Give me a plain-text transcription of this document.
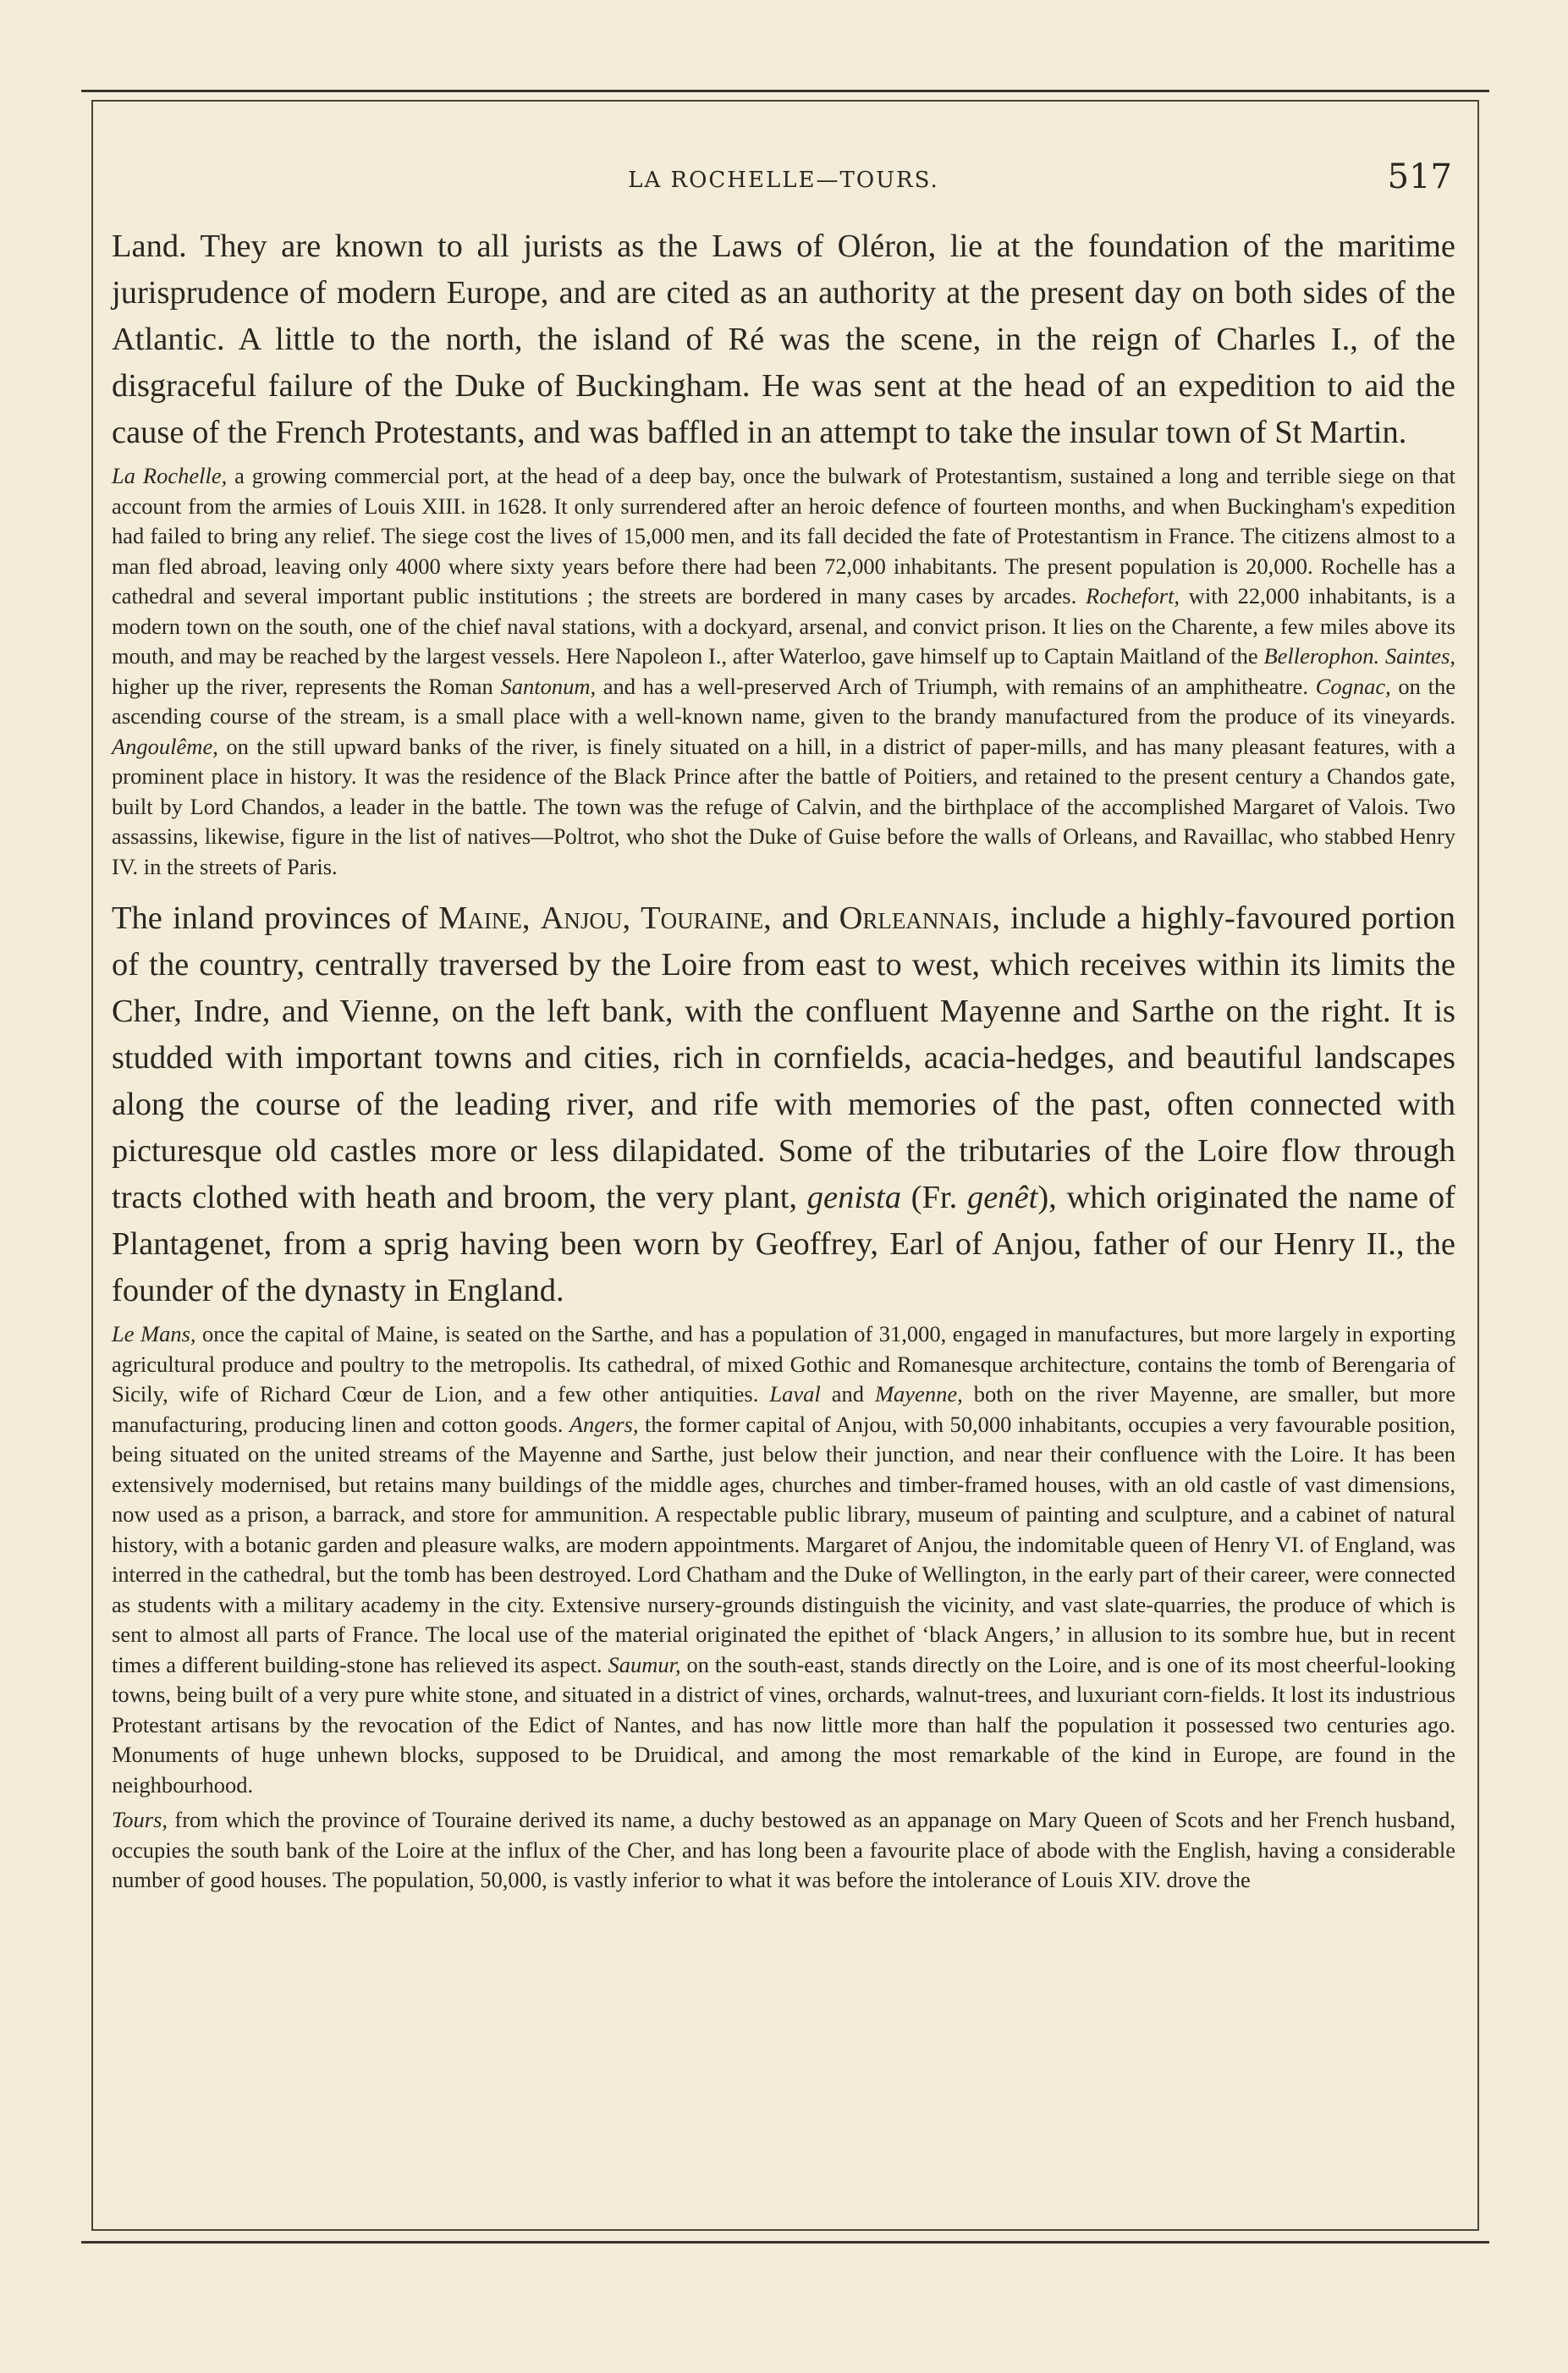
LA ROCHELLE—TOURS.	517

Land. They are known to all jurists as the Laws of Oléron, lie at the foundation of the maritime jurisprudence of modern Europe, and are cited as an authority at the present day on both sides of the Atlantic. A little to the north, the island of Ré was the scene, in the reign of Charles I., of the disgraceful failure of the Duke of Buckingham. He was sent at the head of an expedition to aid the cause of the French Protestants, and was baffled in an attempt to take the insular town of St Martin.

La Rochelle, a growing commercial port, at the head of a deep bay, once the bulwark of Protestantism, sustained a long and terrible siege on that account from the armies of Louis XIII. in 1628. It only surrendered after an heroic defence of fourteen months, and when Buckingham's expedition had failed to bring any relief. The siege cost the lives of 15,000 men, and its fall decided the fate of Protestantism in France. The citizens almost to a man fled abroad, leaving only 4000 where sixty years before there had been 72,000 inhabitants. The present population is 20,000. Rochelle has a cathedral and several important public institutions ; the streets are bordered in many cases by arcades. Rochefort, with 22,000 inhabitants, is a modern town on the south, one of the chief naval stations, with a dockyard, arsenal, and convict prison. It lies on the Charente, a few miles above its mouth, and may be reached by the largest vessels. Here Napoleon I., after Waterloo, gave himself up to Captain Maitland of the Bellerophon. Saintes, higher up the river, represents the Roman Santonum, and has a well-preserved Arch of Triumph, with remains of an amphitheatre. Cognac, on the ascending course of the stream, is a small place with a well-known name, given to the brandy manufactured from the produce of its vineyards. Angoulême, on the still upward banks of the river, is finely situated on a hill, in a district of paper-mills, and has many pleasant features, with a prominent place in history. It was the residence of the Black Prince after the battle of Poitiers, and retained to the present century a Chandos gate, built by Lord Chandos, a leader in the battle. The town was the refuge of Calvin, and the birthplace of the accomplished Margaret of Valois. Two assassins, likewise, figure in the list of natives—Poltrot, who shot the Duke of Guise before the walls of Orleans, and Ravaillac, who stabbed Henry IV. in the streets of Paris.

The inland provinces of Maine, Anjou, Touraine, and Orleannais, include a highly-favoured portion of the country, centrally traversed by the Loire from east to west, which receives within its limits the Cher, Indre, and Vienne, on the left bank, with the confluent Mayenne and Sarthe on the right. It is studded with important towns and cities, rich in cornfields, acacia-hedges, and beautiful landscapes along the course of the leading river, and rife with memories of the past, often connected with picturesque old castles more or less dilapidated. Some of the tributaries of the Loire flow through tracts clothed with heath and broom, the very plant, genista (Fr. genêt), which originated the name of Plantagenet, from a sprig having been worn by Geoffrey, Earl of Anjou, father of our Henry II., the founder of the dynasty in England.

Le Mans, once the capital of Maine, is seated on the Sarthe, and has a population of 31,000, engaged in manufactures, but more largely in exporting agricultural produce and poultry to the metropolis. Its cathedral, of mixed Gothic and Romanesque architecture, contains the tomb of Berengaria of Sicily, wife of Richard Cœur de Lion, and a few other antiquities. Laval and Mayenne, both on the river Mayenne, are smaller, but more manufacturing, producing linen and cotton goods. Angers, the former capital of Anjou, with 50,000 inhabitants, occupies a very favourable position, being situated on the united streams of the Mayenne and Sarthe, just below their junction, and near their confluence with the Loire. It has been extensively modernised, but retains many buildings of the middle ages, churches and timber-framed houses, with an old castle of vast dimensions, now used as a prison, a barrack, and store for ammunition. A respectable public library, museum of painting and sculpture, and a cabinet of natural history, with a botanic garden and pleasure walks, are modern appointments. Margaret of Anjou, the indomitable queen of Henry VI. of England, was interred in the cathedral, but the tomb has been destroyed. Lord Chatham and the Duke of Wellington, in the early part of their career, were connected as students with a military academy in the city. Extensive nursery-grounds distinguish the vicinity, and vast slate-quarries, the produce of which is sent to almost all parts of France. The local use of the material originated the epithet of ‘black Angers,’ in allusion to its sombre hue, but in recent times a different building-stone has relieved its aspect. Saumur, on the south-east, stands directly on the Loire, and is one of its most cheerful-looking towns, being built of a very pure white stone, and situated in a district of vines, orchards, walnut-trees, and luxuriant corn-fields. It lost its industrious Protestant artisans by the revocation of the Edict of Nantes, and has now little more than half the population it possessed two centuries ago. Monuments of huge unhewn blocks, supposed to be Druidical, and among the most remarkable of the kind in Europe, are found in the neighbourhood.

Tours, from which the province of Touraine derived its name, a duchy bestowed as an appanage on Mary Queen of Scots and her French husband, occupies the south bank of the Loire at the influx of the Cher, and has long been a favourite place of abode with the English, having a considerable number of good houses. The population, 50,000, is vastly inferior to what it was before the intolerance of Louis XIV. drove the
